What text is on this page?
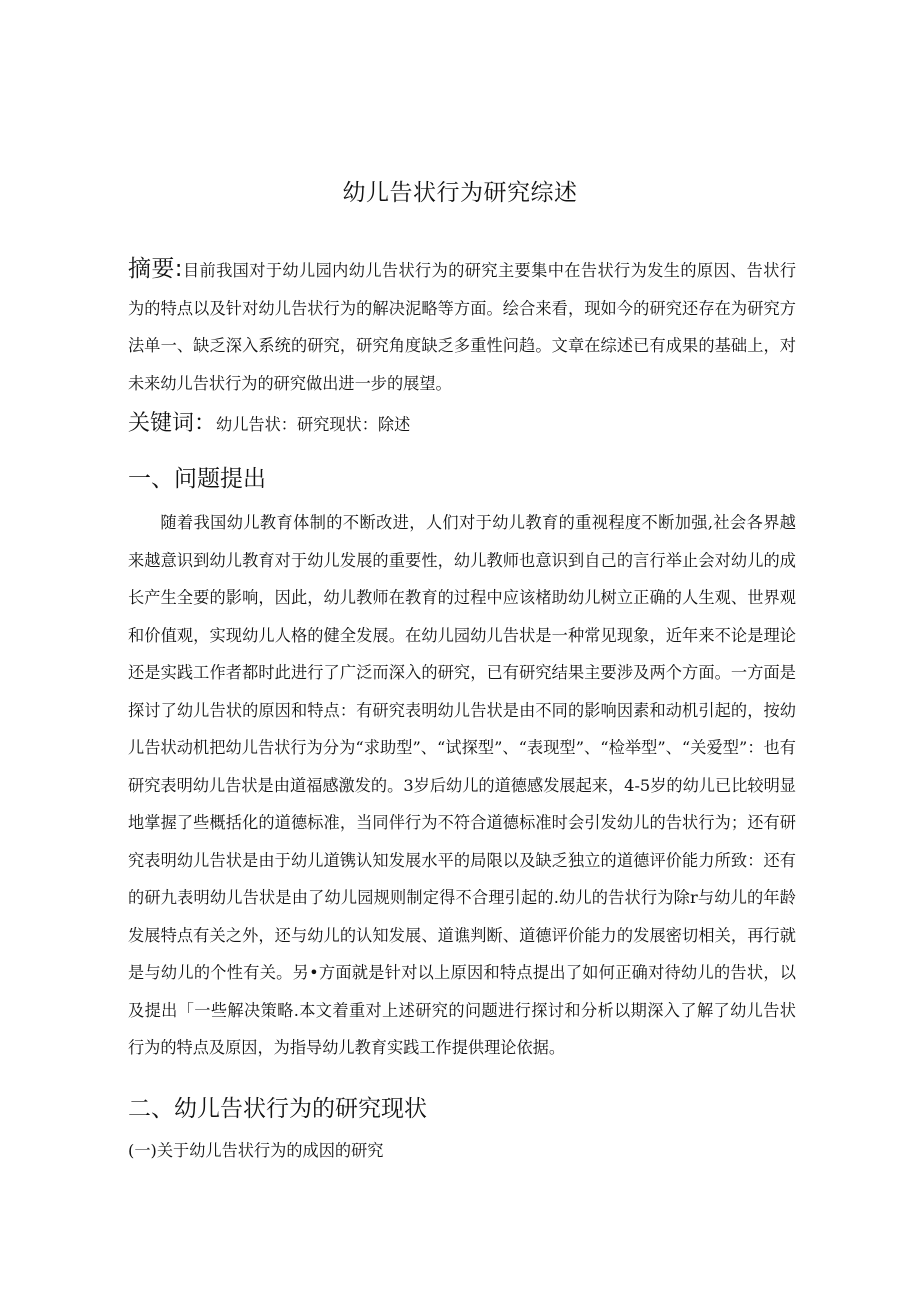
幼儿告状行为研究综述
摘要:目前我国对于幼儿园内幼儿告状行为的研究主要集中在告状行为发生的原因、告状行为的特点以及针对幼儿告状行为的解决泥略等方面。绘合来看，现如今的研究还存在为研究方法单一、缺乏深入系统的研究，研究角度缺乏多重性问趋。文章在综述已有成果的基础上，对未来幼儿告状行为的研究做出进一步的展望。
关键词：幼儿告状：研究现状：除述
一、问题提出
随着我国幼儿教育体制的不断改进，人们对于幼儿教育的重视程度不断加强,社会各界越来越意识到幼儿教育对于幼儿发展的重要性，幼儿教师也意识到自己的言行举止会对幼儿的成长产生全要的影响，因此，幼儿教师在教育的过程中应该楮助幼儿树立正确的人生观、世界观和价值观，实现幼儿人格的健全发展。在幼儿园幼儿告状是一种常见现象，近年来不论是理论还是实践工作者都时此进行了广泛而深入的研究，已有研究结果主要涉及两个方面。一方面是探讨了幼儿告状的原因和特点：有研究表明幼儿告状是由不同的影响因素和动机引起的，按幼儿告状动机把幼儿告状行为分为“求助型”、“试探型”、“表现型”、“检举型”、“关爱型”：也有研究表明幼儿告状是由道福感激发的。3岁后幼儿的道德感发展起来，4-5岁的幼儿已比较明显地掌握了些概括化的道德标准，当同伴行为不符合道德标准时会引发幼儿的告状行为；还有研究表明幼儿告状是由于幼儿道镌认知发展水平的局限以及缺乏独立的道德评价能力所致：还有的研九表明幼儿告状是由了幼儿园规则制定得不合理引起的.幼儿的告状行为除r与幼儿的年龄发展特点有关之外，还与幼儿的认知发展、道谯判断、道德评价能力的发展密切相关，再行就是与幼儿的个性有关。另•方面就是针对以上原因和特点提出了如何正确对待幼儿的告状，以及提出「一些解决策略.本文着重对上述研究的问题进行探讨和分析以期深入了解了幼儿告状行为的特点及原因，为指导幼儿教育实践工作提供理论依据。
二、幼儿告状行为的研究现状
(一)关于幼儿告状行为的成因的研究
